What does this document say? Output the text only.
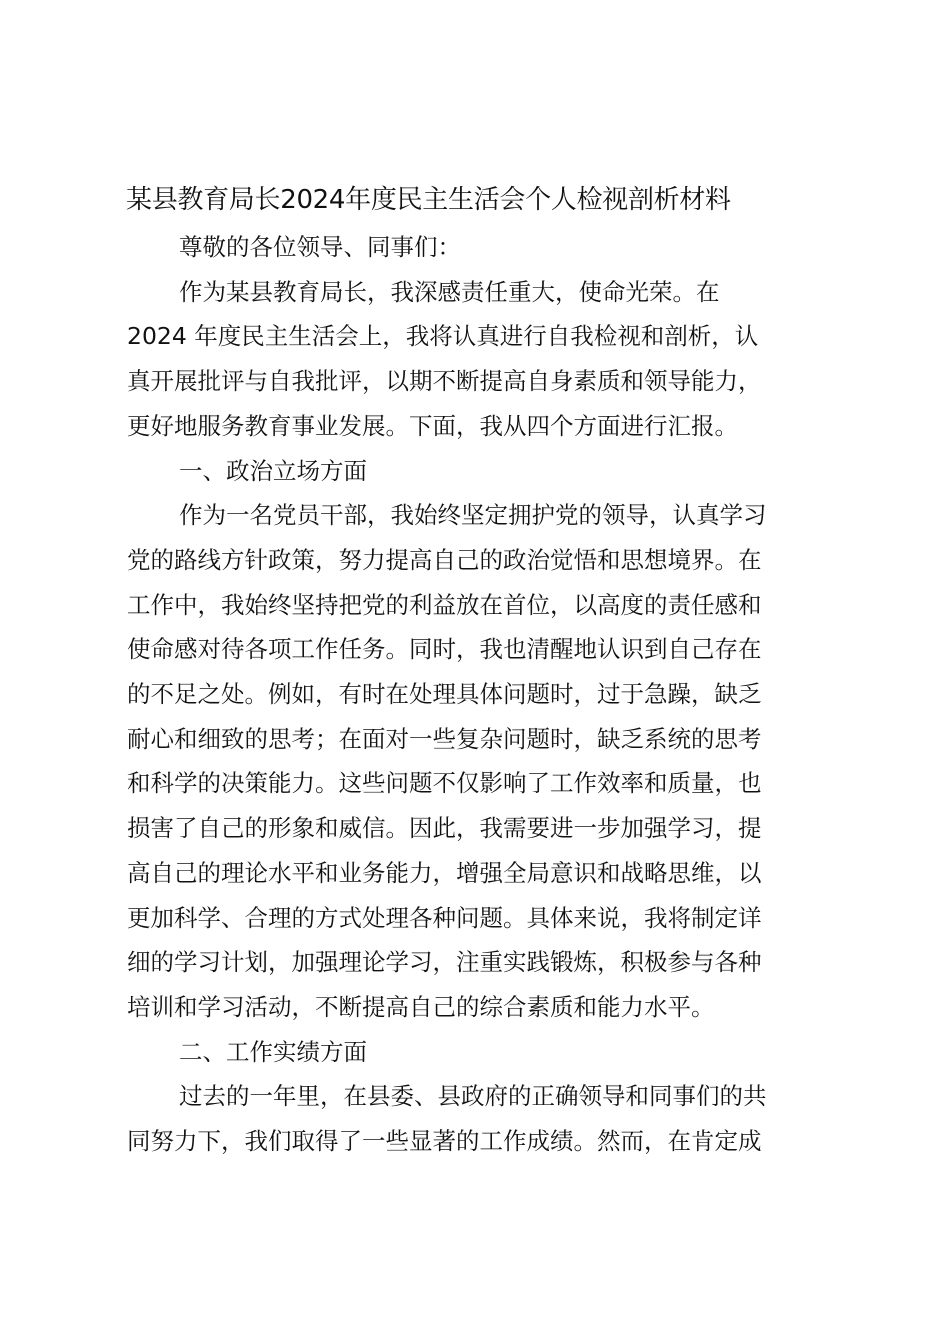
某县教育局长2024年度民主生活会个人检视剖析材料
尊敬的各位领导、同事们：
作为某县教育局长，我深感责任重大，使命光荣。在
2024 年度民主生活会上，我将认真进行自我检视和剖析，认
真开展批评与自我批评，以期不断提高自身素质和领导能力，
更好地服务教育事业发展。下面，我从四个方面进行汇报。
一、政治立场方面
作为一名党员干部，我始终坚定拥护党的领导，认真学习
党的路线方针政策，努力提高自己的政治觉悟和思想境界。在
工作中，我始终坚持把党的利益放在首位，以高度的责任感和
使命感对待各项工作任务。同时，我也清醒地认识到自己存在
的不足之处。例如，有时在处理具体问题时，过于急躁，缺乏
耐心和细致的思考；在面对一些复杂问题时，缺乏系统的思考
和科学的决策能力。这些问题不仅影响了工作效率和质量，也
损害了自己的形象和威信。因此，我需要进一步加强学习，提
高自己的理论水平和业务能力，增强全局意识和战略思维，以
更加科学、合理的方式处理各种问题。具体来说，我将制定详
细的学习计划，加强理论学习，注重实践锻炼，积极参与各种
培训和学习活动，不断提高自己的综合素质和能力水平。
二、工作实绩方面
过去的一年里，在县委、县政府的正确领导和同事们的共
同努力下，我们取得了一些显著的工作成绩。然而，在肯定成
